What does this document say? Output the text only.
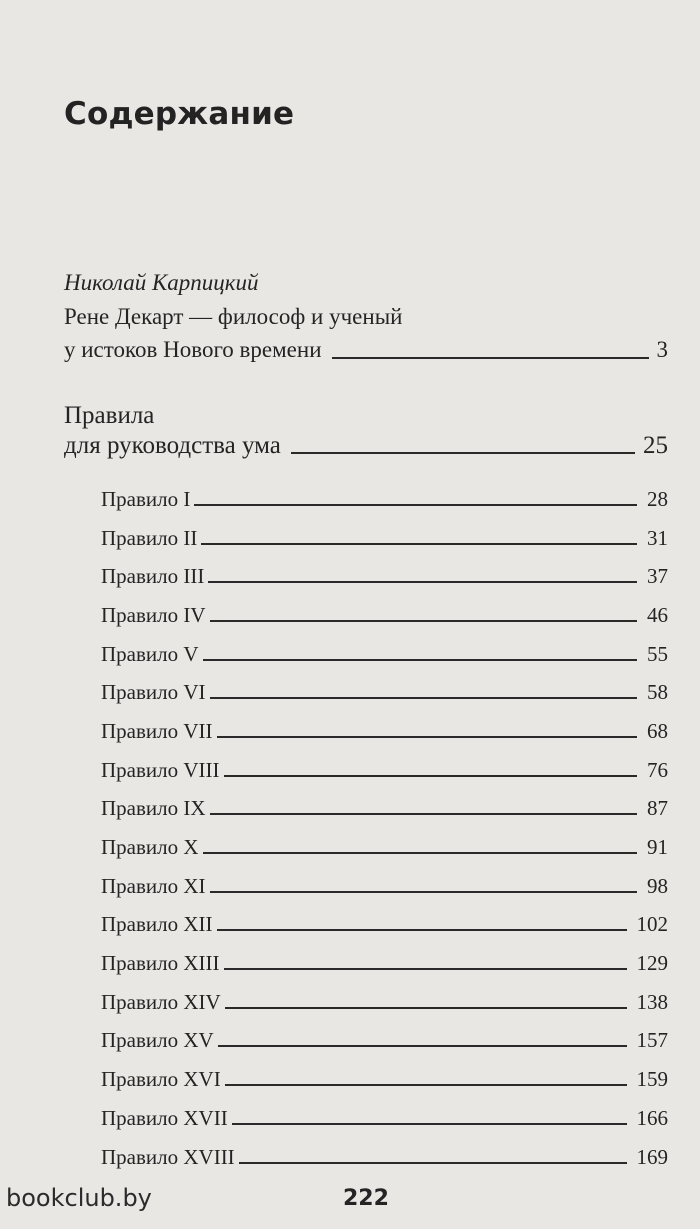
Содержание
Николай Карпицкий
Рене Декарт — философ и ученый
у истоков Нового времени	3
Правила
для руководства ума	25
Правило I	28
Правило II	31
Правило III	37
Правило IV	46
Правило V	55
Правило VI	58
Правило VII	68
Правило VIII	76
Правило IX	87
Правило X	91
Правило XI	98
Правило XII	102
Правило XIII	129
Правило XIV	138
Правило XV	157
Правило XVI	159
Правило XVII	166
Правило XVIII	169
bookclub.by	222
